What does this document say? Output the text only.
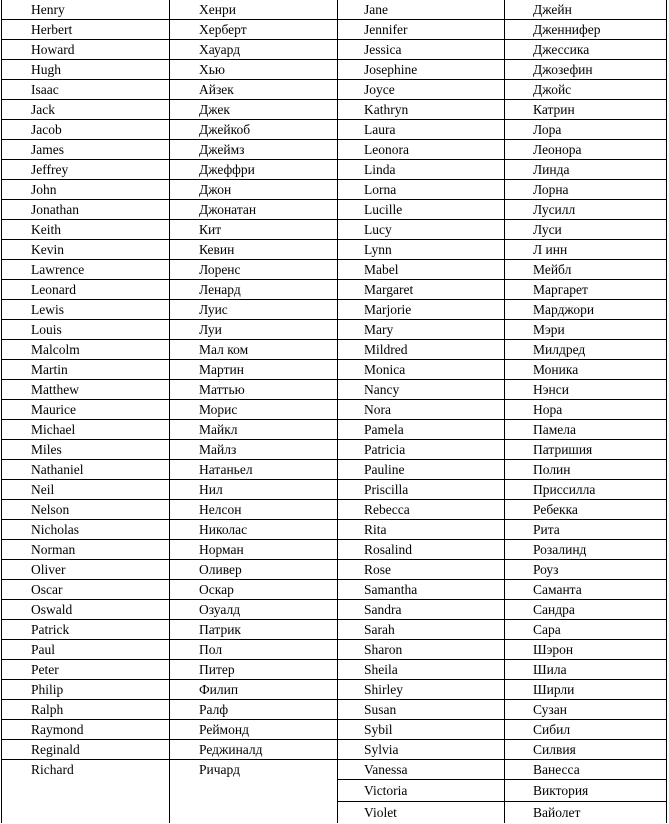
Henry
Herbert
Howard
Hugh
Isaac
Jack
Jacob
James
Jeffrey
John
Jonathan
Keith
Kevin
Lawrence
Leonard
Lewis
Louis
Malcolm
Martin
Matthew
Maurice
Michael
Miles
Nathaniel
Neil
Nelson
Nicholas
Norman
Oliver
Oscar
Oswald
Patrick
Paul
Peter
Philip
Ralph
Raymond
Reginald
Richard
Хенри
Херберт
Хауард
Хью
Айзек
Джек
Джейкоб
Джеймз
Джеффри
Джон
Джонатан
Кит
Кевин
Лоренс
Ленард
Луис
Луи
Мал ком
Мартин
Маттью
Морис
Майкл
Майлз
Натаньел
Нил
Нелсон
Николас
Норман
Оливер
Оскар
Озуалд
Патрик
Пол
Питер
Филип
Ралф
Реймонд
Реджиналд
Ричард
Jane
Jennifer
Jessica
Josephine
Joyce
Kathryn
Laura
Leonora
Linda
Lorna
Lucille
Lucy
Lynn
Mabel
Margaret
Marjorie
Mary
Mildred
Monica
Nancy
Nora
Pamela
Patricia
Pauline
Priscilla
Rebecca
Rita
Rosalind
Rose
Samantha
Sandra
Sarah
Sharon
Sheila
Shirley
Susan
Sybil
Sylvia
Vanessa
Victoria
Violet
Джейн
Дженнифер
Джессика
Джозефин
Джойс
Катрин
Лора
Леонора
Линда
Лорна
Лусилл
Луси
Л инн
Мейбл
Маргарет
Марджори
Мэри
Милдред
Моника
Нэнси
Нора
Памела
Патришия
Полин
Приссилла
Ребекка
Рита
Розалинд
Роуз
Саманта
Сандра
Сара
Шэрон
Шила
Ширли
Сузан
Сибил
Силвия
Ванесса
Виктория
Вайолет
